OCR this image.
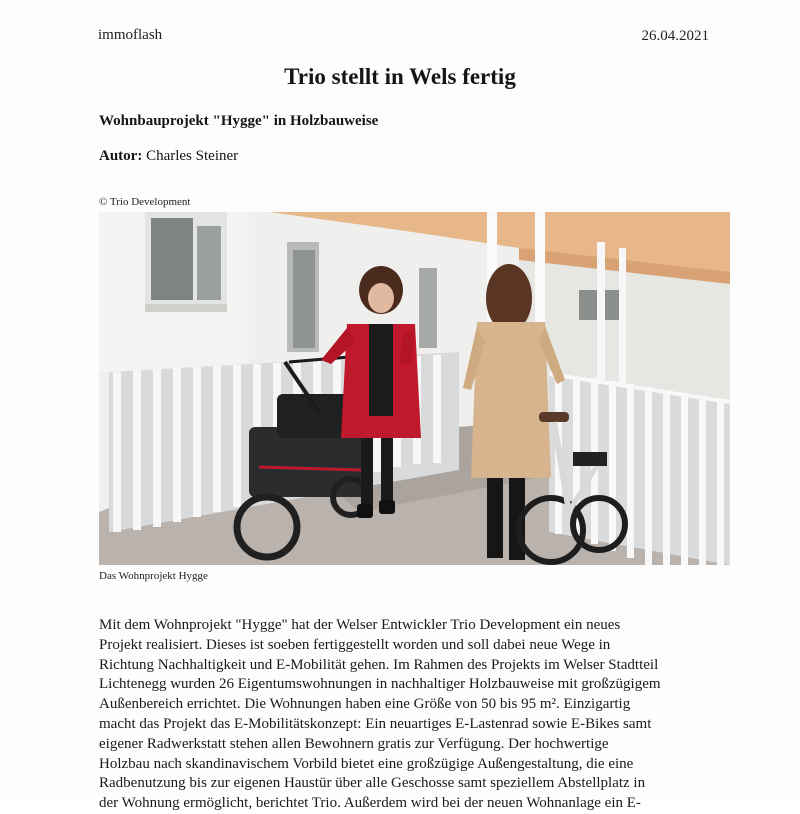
immoflash	26.04.2021
Trio stellt in Wels fertig
Wohnbauprojekt "Hygge" in Holzbauweise
Autor: Charles Steiner
© Trio Development
Das Wohnprojekt Hygge
Mit dem Wohnprojekt "Hygge" hat der Welser Entwickler Trio Development ein neues
Projekt realisiert. Dieses ist soeben fertiggestellt worden und soll dabei neue Wege in
Richtung Nachhaltigkeit und E-Mobilität gehen. Im Rahmen des Projekts im Welser Stadtteil
Lichtenegg wurden 26 Eigentumswohnungen in nachhaltiger Holzbauweise mit großzügigem
Außenbereich errichtet. Die Wohnungen haben eine Größe von 50 bis 95 m². Einzigartig
macht das Projekt das E-Mobilitätskonzept: Ein neuartiges E-Lastenrad sowie E-Bikes samt
eigener Radwerkstatt stehen allen Bewohnern gratis zur Verfügung. Der hochwertige
Holzbau nach skandinavischem Vorbild bietet eine großzügige Außengestaltung, die eine
Radbenutzung bis zur eigenen Haustür über alle Geschosse samt speziellem Abstellplatz in
der Wohnung ermöglicht, berichtet Trio. Außerdem wird bei der neuen Wohnanlage ein E-
